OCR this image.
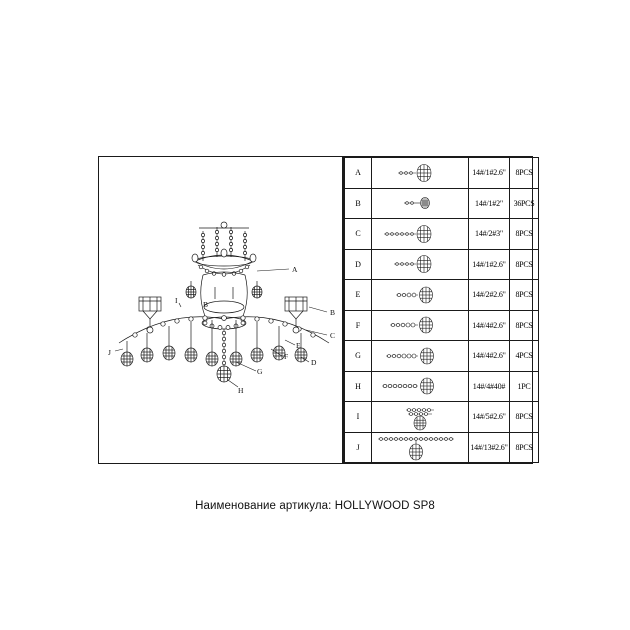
A
B
C
D
E
F
G
H
I
J
B
A		14#/1#2.6"	8PCS
B		14#/1#2"	36PCS
C		14#/2#3"	8PCS
D		14#/1#2.6"	8PCS
E		14#/2#2.6"	8PCS
F		14#/4#2.6"	8PCS
G		14#/4#2.6"	4PCS
H		14#/4#40#	1PC
I		14#/5#2.6"	8PCS
J		14#/13#2.6"	8PCS
Наименование артикула: HOLLYWOOD SP8
